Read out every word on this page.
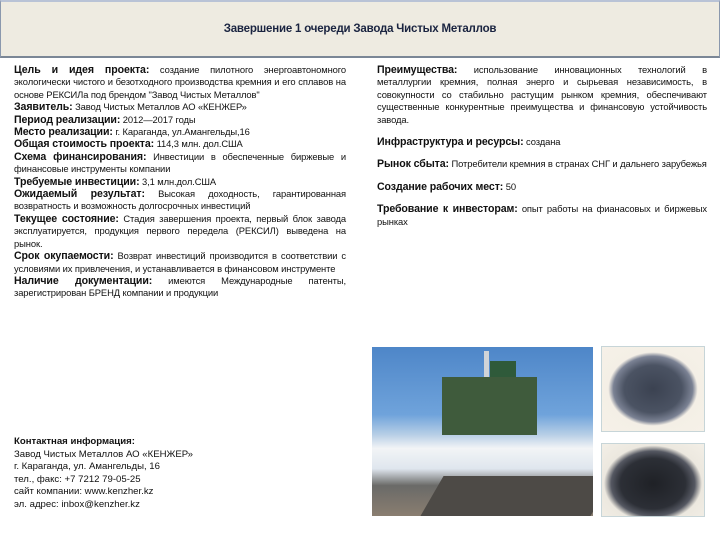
Завершение 1 очереди Завода Чистых Металлов
Цель и идея проекта: создание пилотного энергоавтономного экологически чистого и безотходного производства кремния и его сплавов на основе РЕКСИЛа под брендом "Завод Чистых Металлов"
Заявитель: Завод Чистых Металлов АО «КЕНЖЕР»
Период реализации: 2012—2017 годы
Место реализации: г. Караганда, ул.Амангельды,16
Общая стоимость проекта: 114,3 млн. дол.США
Схема финансирования: Инвестиции в обеспеченные биржевые и финансовые инструменты компании
Требуемые инвестиции: 3,1 млн.дол.США
Ожидаемый результат: Высокая доходность, гарантированная возвратность и возможность долгосрочных инвестиций
Текущее состояние: Стадия завершения проекта, первый блок завода эксплуатируется, продукция первого передела (РЕКСИЛ) выведена на рынок.
Срок окупаемости: Возврат инвестиций производится в соответствии с условиями их привлечения, и устанавливается в финансовом инструменте
Наличие документации: имеются Международные патенты, зарегистрирован БРЕНД компании и продукции
Преимущества: использование инновационных технологий в металлургии кремния, полная энерго и сырьевая независимость, в совокупности со стабильно растущим рынком кремния, обеспечивают существенные конкурентные преимущества и финансовую устойчивость завода.
Инфраструктура и ресурсы: создана
Рынок сбыта: Потребители кремния в странах СНГ и дальнего зарубежья
Создание рабочих мест: 50
Требование к инвесторам: опыт работы на фианасовых и биржевых рынках
Контактная информация:
Завод Чистых Металлов АО «КЕНЖЕР»
г. Караганда, ул. Амангельды, 16
тел., факс: +7 7212 79-05-25
сайт компании: www.kenzher.kz
эл. адрес: inbox@kenzher.kz
